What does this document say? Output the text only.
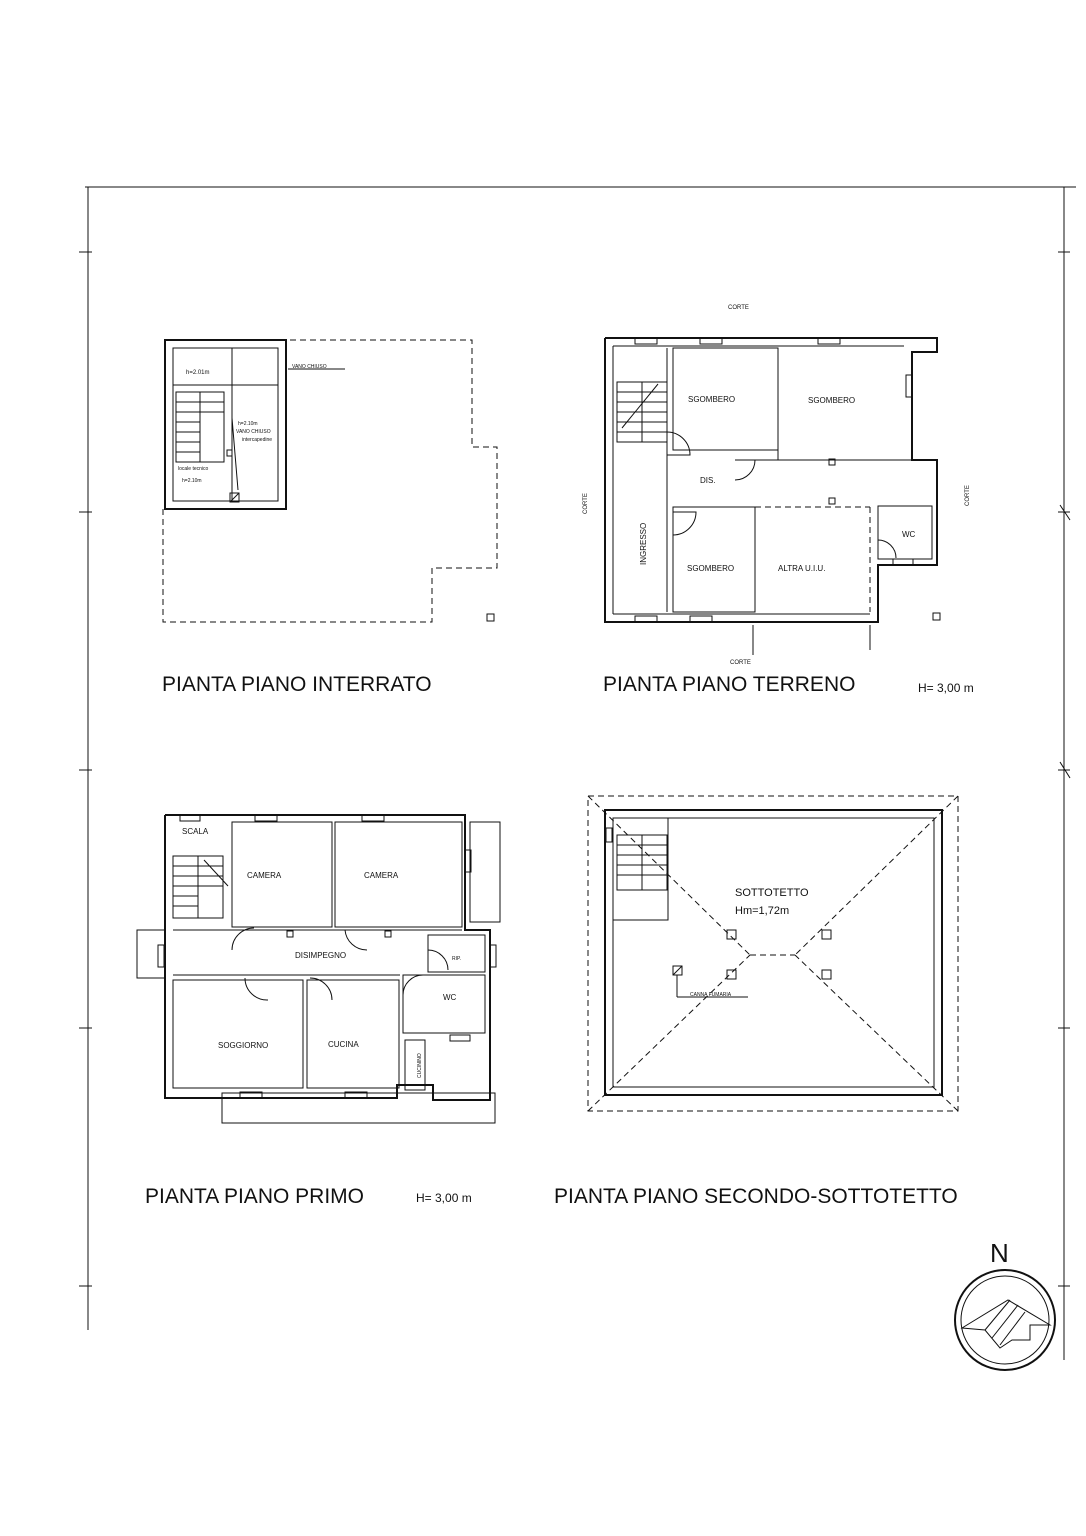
h=2.01m
VANO CHIUSO
h=2.10m
VANO CHIUSO
intercapedine
locale tecnico
h=2.10m
PIANTA PIANO INTERRATO
CORTE
CORTE
CORTE	CORTE
SGOMBERO	SGOMBERO
SGOMBERO
DIS.
INGRESSO
ALTRA U.I.U.
WC
PIANTA PIANO TERRENO	H= 3,00 m
SCALA
CAMERA	CAMERA
DISIMPEGNO	RIP.
WC
SOGGIORNO	CUCINA
CUCININO
PIANTA PIANO PRIMO	H= 3,00 m
SOTTOTETTO
Hm=1,72m
CANNA FUMARIA
PIANTA PIANO SECONDO-SOTTOTETTO
N
